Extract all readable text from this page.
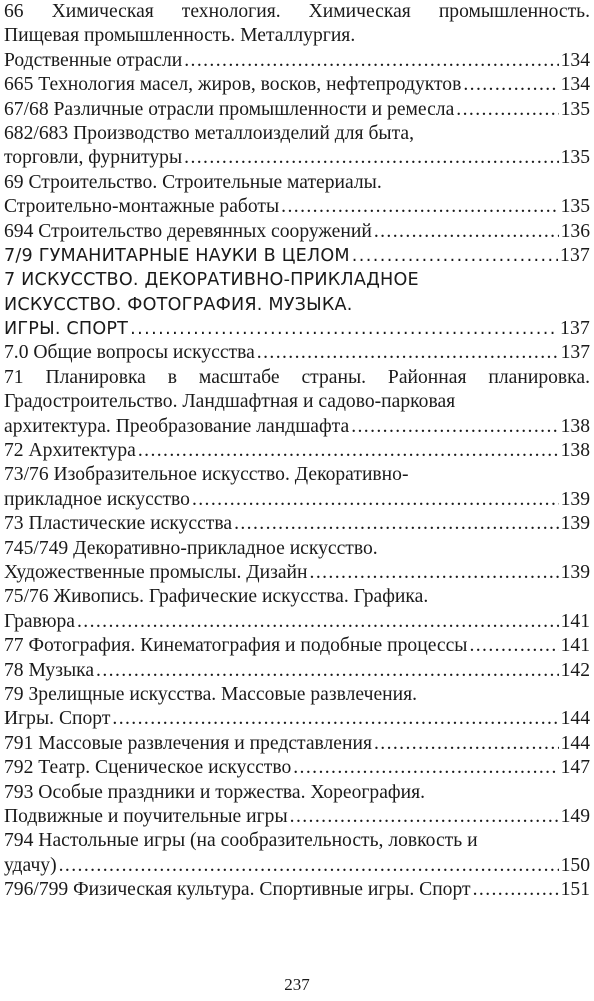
66 Химическая технология. Химическая промышленность.
Пищевая промышленность. Металлургия.
Родственные отрасли .....	134
665 Технология масел, жиров, восков, нефтепродуктов .....	134
67/68 Различные отрасли промышленности и ремесла .....	135
682/683 Производство металлоизделий для быта,
торговли, фурнитуры .....	135
69 Строительство. Строительные материалы.
Строительно-монтажные работы .....	135
694 Строительство деревянных сооружений .....	136
7/9 ГУМАНИТАРНЫЕ НАУКИ В ЦЕЛОМ .....	137
7 ИСКУССТВО. ДЕКОРАТИВНО-ПРИКЛАДНОЕ
ИСКУССТВО. ФОТОГРАФИЯ. МУЗЫКА.
ИГРЫ. СПОРТ .....	137
7.0 Общие вопросы искусства .....	137
71 Планировка в масштабе страны. Районная планировка.
Градостроительство. Ландшафтная и садово-парковая
архитектура. Преобразование ландшафта .....	138
72 Архитектура .....	138
73/76 Изобразительное искусство. Декоративно-
прикладное искусство .....	139
73 Пластические искусства .....	139
745/749 Декоративно-прикладное искусство.
Художественные промыслы. Дизайн .....	139
75/76 Живопись. Графические искусства. Графика.
Гравюра .....	141
77 Фотография. Кинематография и подобные процессы .....	141
78 Музыка .....	142
79 Зрелищные искусства. Массовые развлечения.
Игры. Спорт .....	144
791 Массовые развлечения и представления .....	144
792 Театр. Сценическое искусство .....	147
793 Особые праздники и торжества. Хореография.
Подвижные и поучительные игры .....	149
794 Настольные игры (на сообразительность, ловкость и
удачу) .....	150
796/799 Физическая культура. Спортивные игры. Спорт .....	151
237
